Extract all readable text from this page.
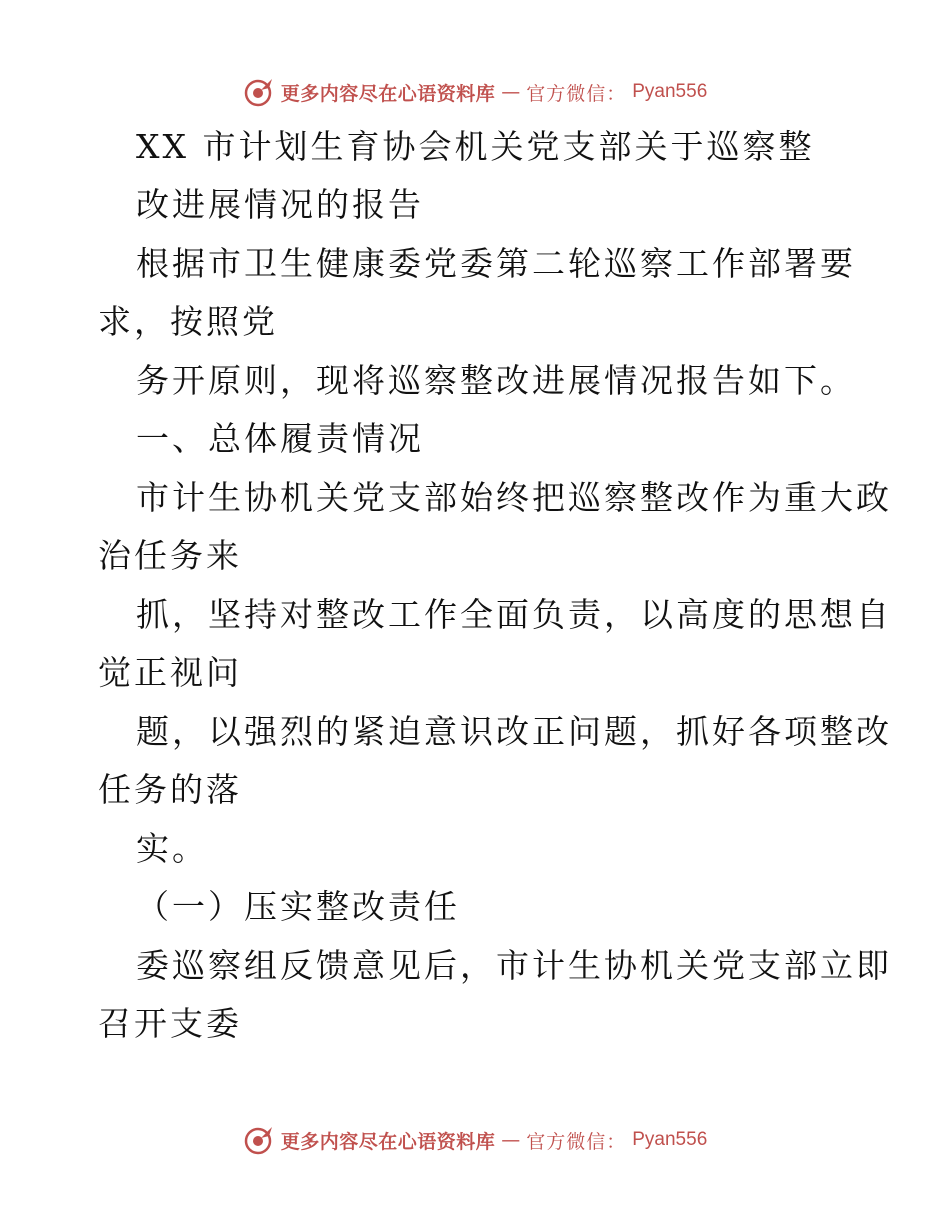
更多内容尽在心语资料库 — 官方微信： Pyan556
XX 市计划生育协会机关党支部关于巡察整
改进展情况的报告
根据市卫生健康委党委第二轮巡察工作部署要
求，按照党
务开原则，现将巡察整改进展情况报告如下。
一、总体履责情况
市计生协机关党支部始终把巡察整改作为重大政
治任务来
抓，坚持对整改工作全面负责，以高度的思想自
觉正视问
题，以强烈的紧迫意识改正问题，抓好各项整改
任务的落
实。
（一）压实整改责任
委巡察组反馈意见后，市计生协机关党支部立即
召开支委
更多内容尽在心语资料库 — 官方微信： Pyan556
